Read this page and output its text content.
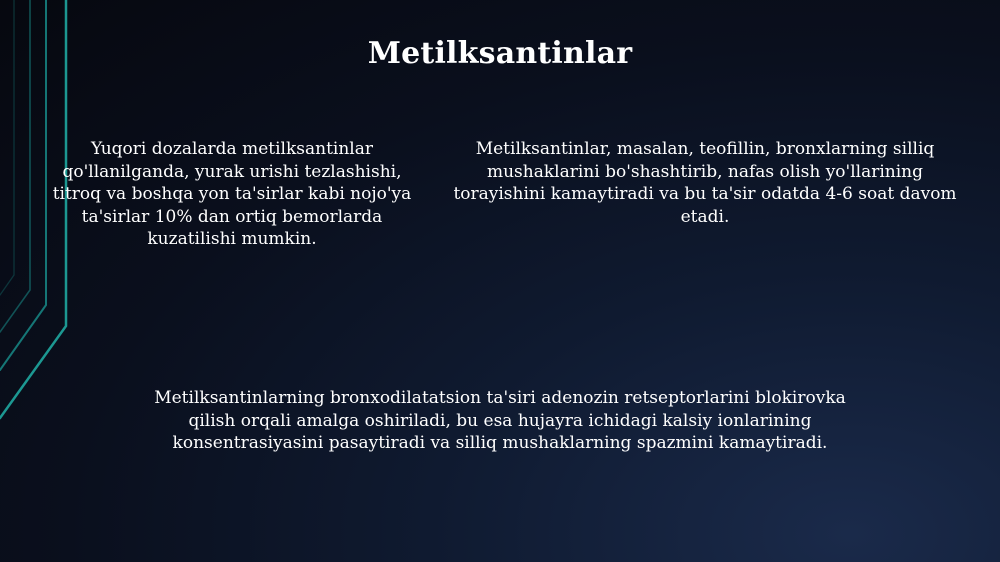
Metilksantinlar
Yuqori dozalarda metilksantinlar qo'llanilganda, yurak urishi tezlashishi, titroq va boshqa yon ta'sirlar kabi nojo'ya ta'sirlar 10% dan ortiq bemorlarda kuzatilishi mumkin.
Metilksantinlar, masalan, teofillin, bronxlarning silliq mushaklarini bo'shashtirib, nafas olish yo'llarining torayishini kamaytiradi va bu ta'sir odatda 4-6 soat davom etadi.
Metilksantinlarning bronxodilatatsion ta'siri adenozin retseptorlarini blokirovka qilish orqali amalga oshiriladi, bu esa hujayra ichidagi kalsiy ionlarining konsentrasiyasini pasaytiradi va silliq mushaklarning spazmini kamaytiradi.
